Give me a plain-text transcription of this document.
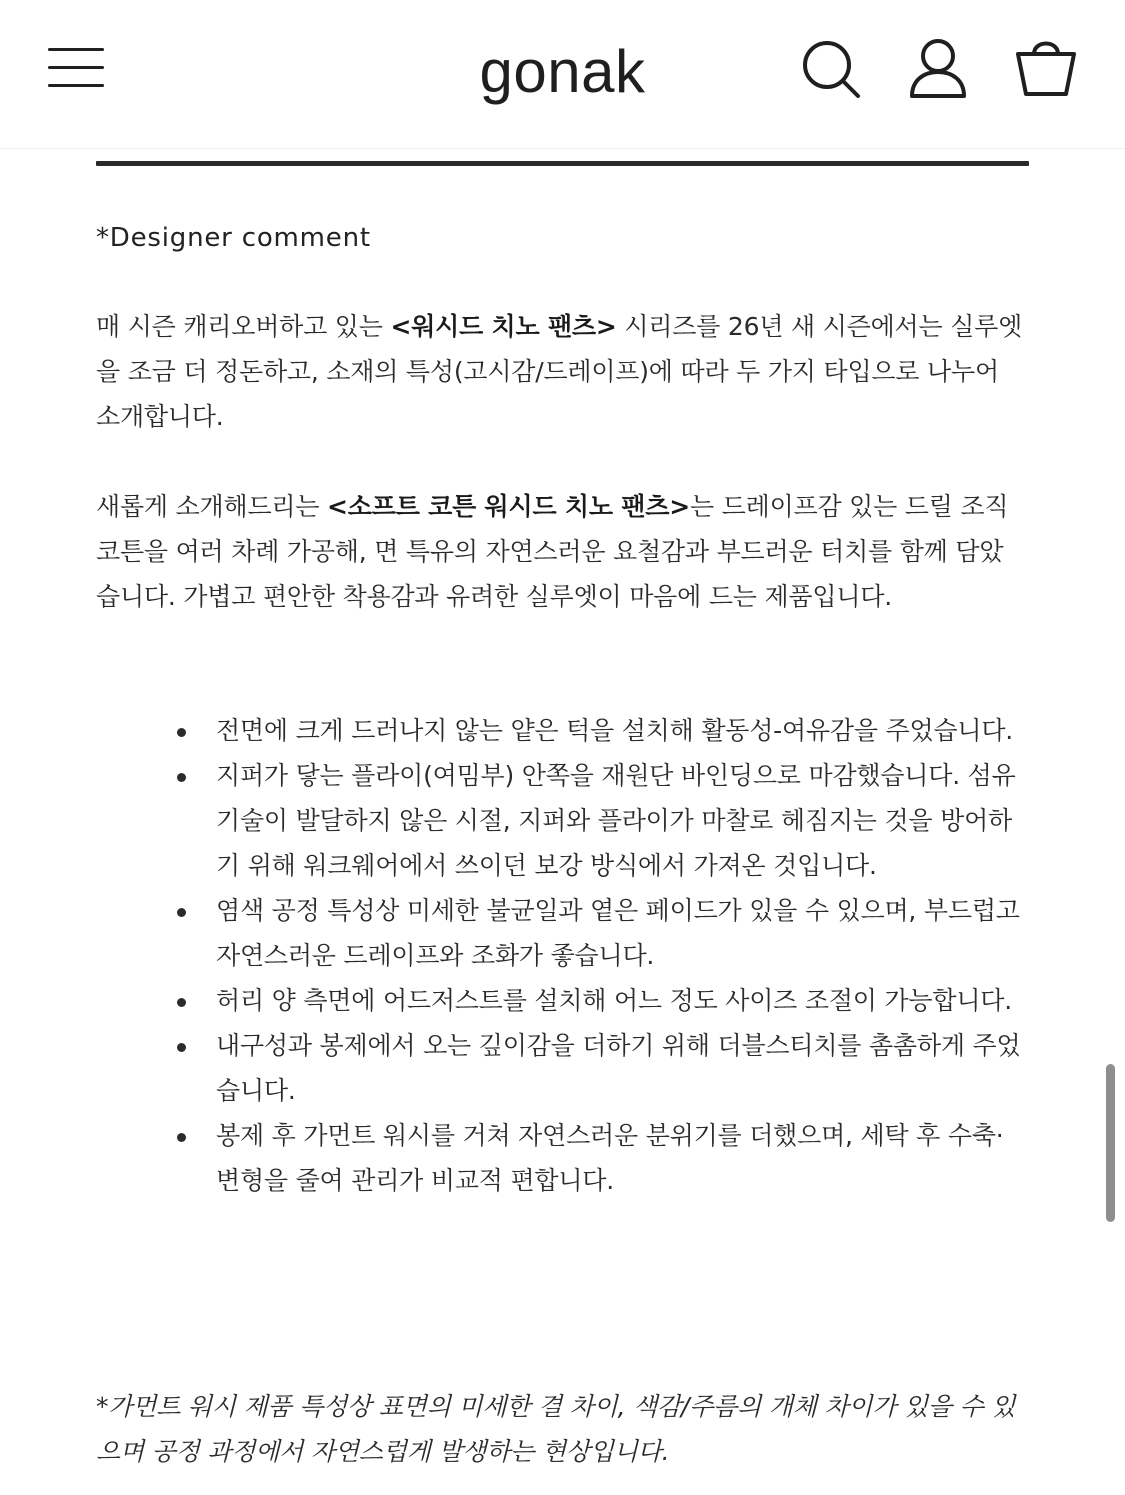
gonak
*Designer comment

매 시즌 캐리오버하고 있는 <워시드 치노 팬츠> 시리즈를 26년 새 시즌에서는 실루엣을 조금 더 정돈하고, 소재의 특성(고시감/드레이프)에 따라 두 가지 타입으로 나누어 소개합니다.

새롭게 소개해드리는 <소프트 코튼 워시드 치노 팬츠>는 드레이프감 있는 드릴 조직 코튼을 여러 차례 가공해, 면 특유의 자연스러운 요철감과 부드러운 터치를 함께 담았습니다. 가볍고 편안한 착용감과 유려한 실루엣이 마음에 드는 제품입니다.

전면에 크게 드러나지 않는 얕은 턱을 설치해 활동성-여유감을 주었습니다.
지퍼가 닿는 플라이(여밈부) 안쪽을 재원단 바인딩으로 마감했습니다. 섬유 기술이 발달하지 않은 시절, 지퍼와 플라이가 마찰로 헤짐지는 것을 방어하기 위해 워크웨어에서 쓰이던 보강 방식에서 가져온 것입니다.
염색 공정 특성상 미세한 불균일과 옅은 페이드가 있을 수 있으며, 부드럽고 자연스러운 드레이프와 조화가 좋습니다.
허리 양 측면에 어드저스트를 설치해 어느 정도 사이즈 조절이 가능합니다.
내구성과 봉제에서 오는 깊이감을 더하기 위해 더블스티치를 촘촘하게 주었습니다.
봉제 후 가먼트 워시를 거쳐 자연스러운 분위기를 더했으며, 세탁 후 수축·변형을 줄여 관리가 비교적 편합니다.

*가먼트 워시 제품 특성상 표면의 미세한 결 차이, 색감/주름의 개체 차이가 있을 수 있으며 공정 과정에서 자연스럽게 발생하는 현상입니다.
